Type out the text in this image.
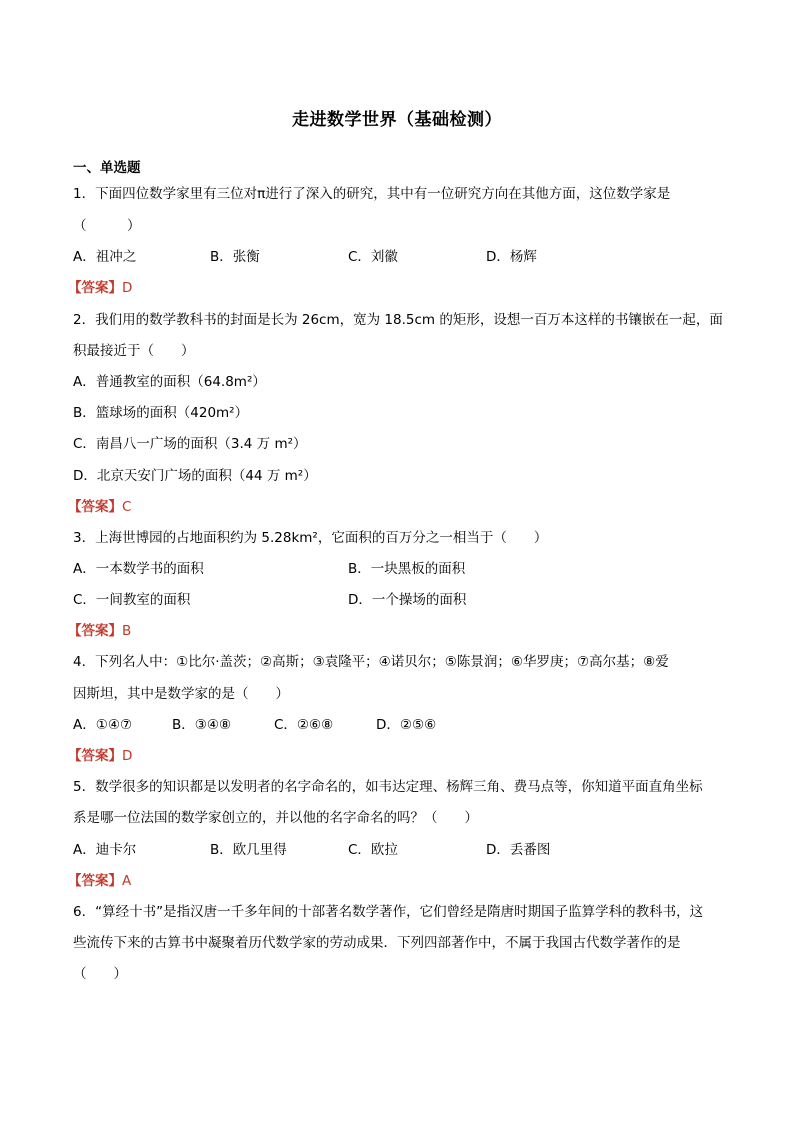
走进数学世界（基础检测）
一、单选题
1．下面四位数学家里有三位对π进行了深入的研究，其中有一位研究方向在其他方面，这位数学家是
（　　　）
A．祖冲之	B．张衡	C．刘徽	D．杨辉
【答案】D
2．我们用的数学教科书的封面是长为 26cm，宽为 18.5cm 的矩形，设想一百万本这样的书镶嵌在一起，面
积最接近于（　　）
A．普通教室的面积（64.8m²）
B．篮球场的面积（420m²）
C．南昌八一广场的面积（3.4 万 m²）
D．北京天安门广场的面积（44 万 m²）
【答案】C
3．上海世博园的占地面积约为 5.28km²，它面积的百万分之一相当于（　　）
A．一本数学书的面积	B．一块黑板的面积
C．一间教室的面积	D．一个操场的面积
【答案】B
4．下列名人中：①比尔·盖茨；②高斯；③袁隆平；④诺贝尔；⑤陈景润；⑥华罗庚；⑦高尔基；⑧爱
因斯坦，其中是数学家的是（　　）
A．①④⑦	B．③④⑧	C．②⑥⑧	D．②⑤⑥
【答案】D
5．数学很多的知识都是以发明者的名字命名的，如韦达定理、杨辉三角、费马点等，你知道平面直角坐标
系是哪一位法国的数学家创立的，并以他的名字命名的吗？（　　）
A．迪卡尔	B．欧几里得	C．欧拉	D．丢番图
【答案】A
6．“算经十书”是指汉唐一千多年间的十部著名数学著作，它们曾经是隋唐时期国子监算学科的教科书，这
些流传下来的古算书中凝聚着历代数学家的劳动成果．下列四部著作中，不属于我国古代数学著作的是
（　　）
